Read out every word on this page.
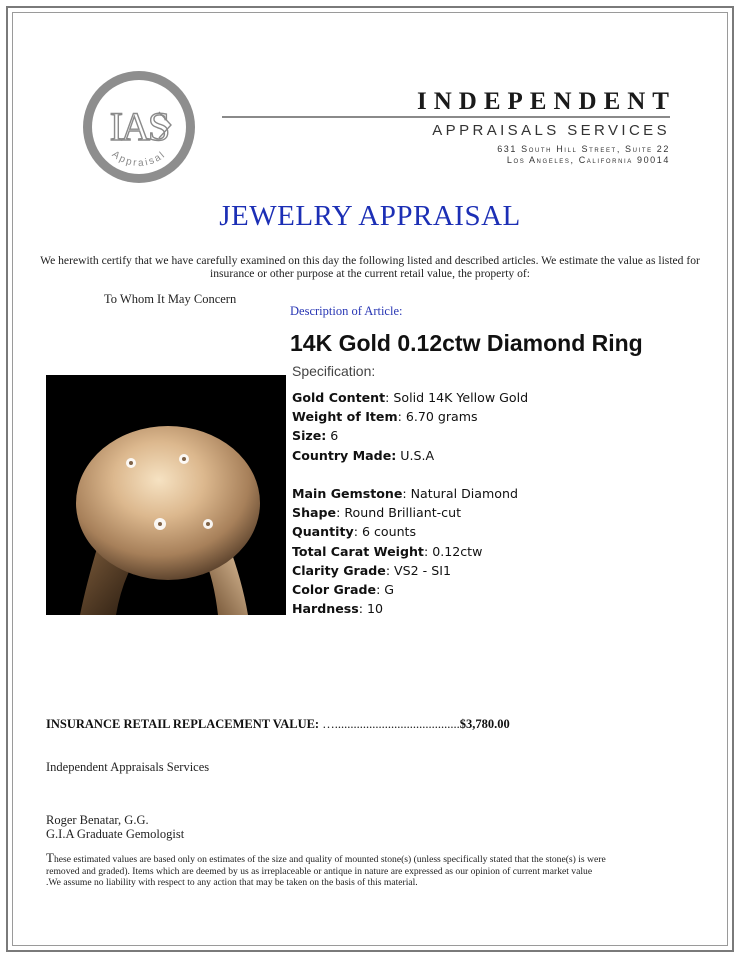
IAS
Appraisal
INDEPENDENT
APPRAISALS SERVICES
631 South Hill Street, Suite 22
Los Angeles, California 90014
JEWELRY APPRAISAL
We herewith certify that we have carefully examined on this day the following listed and described articles. We estimate the value as listed for insurance or other purpose at the current retail value, the property of:
To Whom It May Concern
Description of Article:
14K Gold 0.12ctw Diamond Ring
Specification:
Gold Content: Solid 14K Yellow Gold
Weight of Item: 6.70 grams
Size: 6
Country Made: U.S.A
Main Gemstone: Natural Diamond
Shape: Round Brilliant-cut
Quantity: 6 counts
Total Carat Weight: 0.12ctw
Clarity Grade: VS2 - SI1
Color Grade: G
Hardness: 10
INSURANCE RETAIL REPLACEMENT VALUE: …........................................$3,780.00
Independent Appraisals Services
Roger Benatar, G.G.
G.I.A Graduate Gemologist
These estimated values are based only on estimates of the size and quality of mounted stone(s) (unless specifically stated that the stone(s) is were removed and graded). Items which are deemed by us as irreplaceable or antique in nature are expressed as our opinion of current market value .We assume no liability with respect to any action that may be taken on the basis of this material.
